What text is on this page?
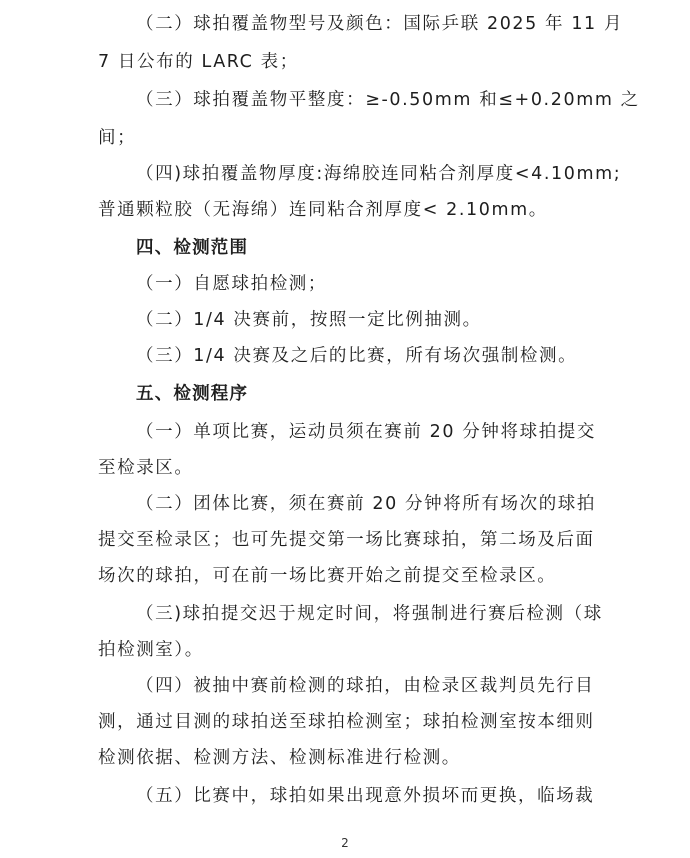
（二）球拍覆盖物型号及颜色：国际乒联 2025 年 11 月
7 日公布的 LARC 表；
（三）球拍覆盖物平整度：≥-0.50mm 和≤+0.20mm 之
间；
（四)球拍覆盖物厚度:海绵胶连同粘合剂厚度<4.10mm;
普通颗粒胶（无海绵）连同粘合剂厚度< 2.10mm。
四、检测范围
（一）自愿球拍检测；
（二）1/4 决赛前，按照一定比例抽测。
（三）1/4 决赛及之后的比赛，所有场次强制检测。
五、检测程序
（一）单项比赛，运动员须在赛前 20 分钟将球拍提交
至检录区。
（二）团体比赛，须在赛前 20 分钟将所有场次的球拍
提交至检录区；也可先提交第一场比赛球拍，第二场及后面
场次的球拍，可在前一场比赛开始之前提交至检录区。
（三)球拍提交迟于规定时间，将强制进行赛后检测（球
拍检测室）。
（四）被抽中赛前检测的球拍，由检录区裁判员先行目
测，通过目测的球拍送至球拍检测室；球拍检测室按本细则
检测依据、检测方法、检测标准进行检测。
（五）比赛中，球拍如果出现意外损坏而更换，临场裁
2
